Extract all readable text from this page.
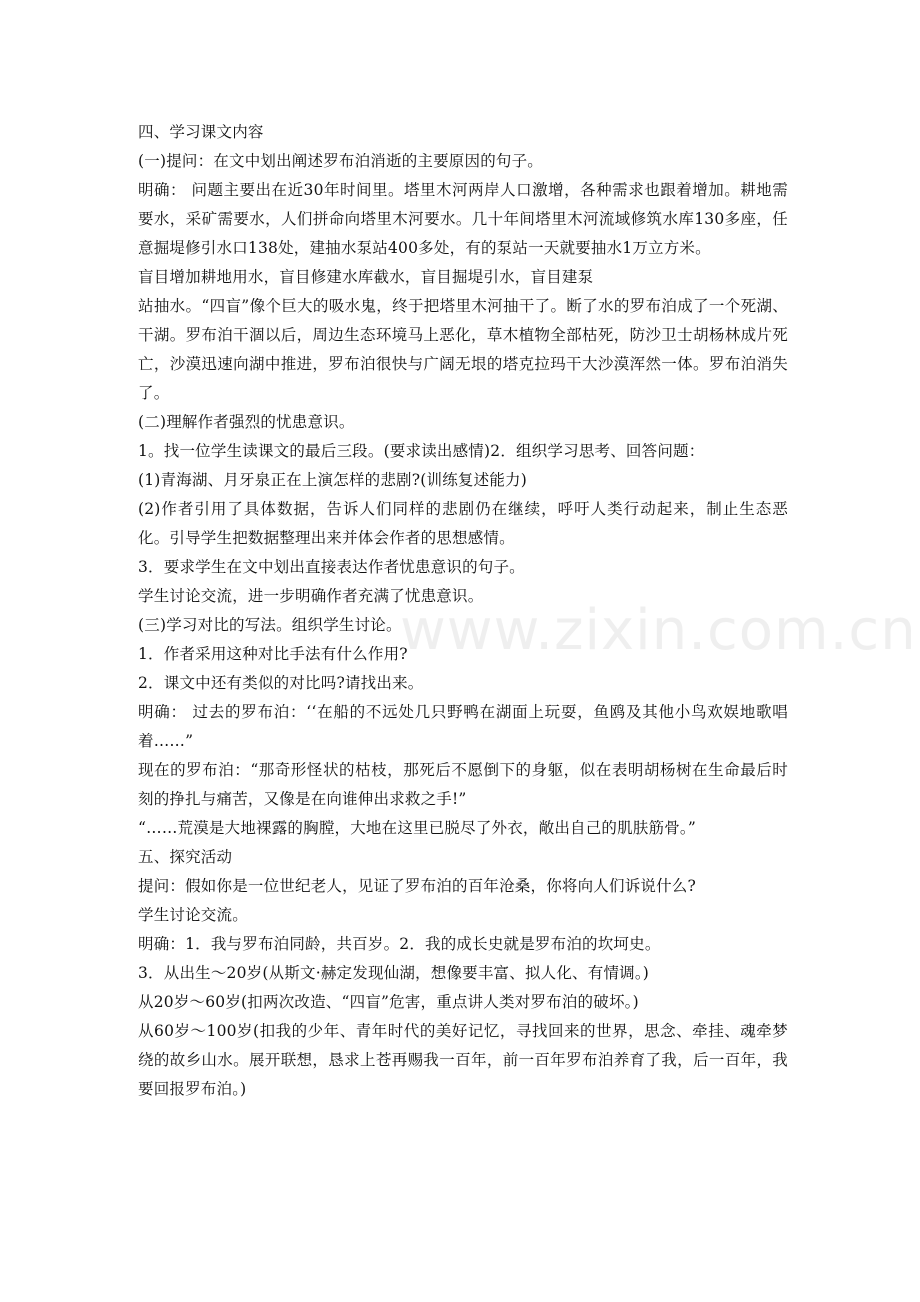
www.zixin.com.cn
四、学习课文内容
(一)提问：在文中划出阐述罗布泊消逝的主要原因的句子。
明确： 问题主要出在近30年时间里。塔里木河两岸人口激增，各种需求也跟着增加。耕地需要水，采矿需要水，人们拼命向塔里木河要水。几十年间塔里木河流域修筑水库130多座，任意掘堤修引水口138处，建抽水泵站400多处，有的泵站一天就要抽水1万立方米。
盲目增加耕地用水，盲目修建水库截水，盲目掘堤引水，盲目建泵
站抽水。“四盲”像个巨大的吸水鬼，终于把塔里木河抽干了。断了水的罗布泊成了一个死湖、干湖。罗布泊干涸以后，周边生态环境马上恶化，草木植物全部枯死，防沙卫士胡杨林成片死亡，沙漠迅速向湖中推进，罗布泊很快与广阔无垠的塔克拉玛干大沙漠浑然一体。罗布泊消失了。
(二)理解作者强烈的忧患意识。
1。找一位学生读课文的最后三段。(要求读出感情)2．组织学习思考、回答问题：
(1)青海湖、月牙泉正在上演怎样的悲剧?(训练复述能力)
(2)作者引用了具体数据，告诉人们同样的悲剧仍在继续，呼吁人类行动起来，制止生态恶化。引导学生把数据整理出来并体会作者的思想感情。
3．要求学生在文中划出直接表达作者忧患意识的句子。
学生讨论交流，进一步明确作者充满了忧患意识。
(三)学习对比的写法。组织学生讨论。
1．作者采用这种对比手法有什么作用?
2．课文中还有类似的对比吗?请找出来。
明确： 过去的罗布泊：‘‘在船的不远处几只野鸭在湖面上玩耍，鱼鸥及其他小鸟欢娱地歌唱着……”
现在的罗布泊：“那奇形怪状的枯枝，那死后不愿倒下的身躯，似在表明胡杨树在生命最后时刻的挣扎与痛苦，又像是在向谁伸出求救之手!”
“……荒漠是大地裸露的胸膛，大地在这里已脱尽了外衣，敞出自己的肌肤筋骨。”
五、探究活动
提问：假如你是一位世纪老人，见证了罗布泊的百年沧桑，你将向人们诉说什么?
学生讨论交流。
明确：1．我与罗布泊同龄，共百岁。2．我的成长史就是罗布泊的坎坷史。
3．从出生～20岁(从斯文·赫定发现仙湖，想像要丰富、拟人化、有情调。)
从20岁～60岁(扣两次改造、“四盲”危害，重点讲人类对罗布泊的破坏。)
从60岁～100岁(扣我的少年、青年时代的美好记忆，寻找回来的世界，思念、牵挂、魂牵梦绕的故乡山水。展开联想，恳求上苍再赐我一百年，前一百年罗布泊养育了我，后一百年，我要回报罗布泊。)
